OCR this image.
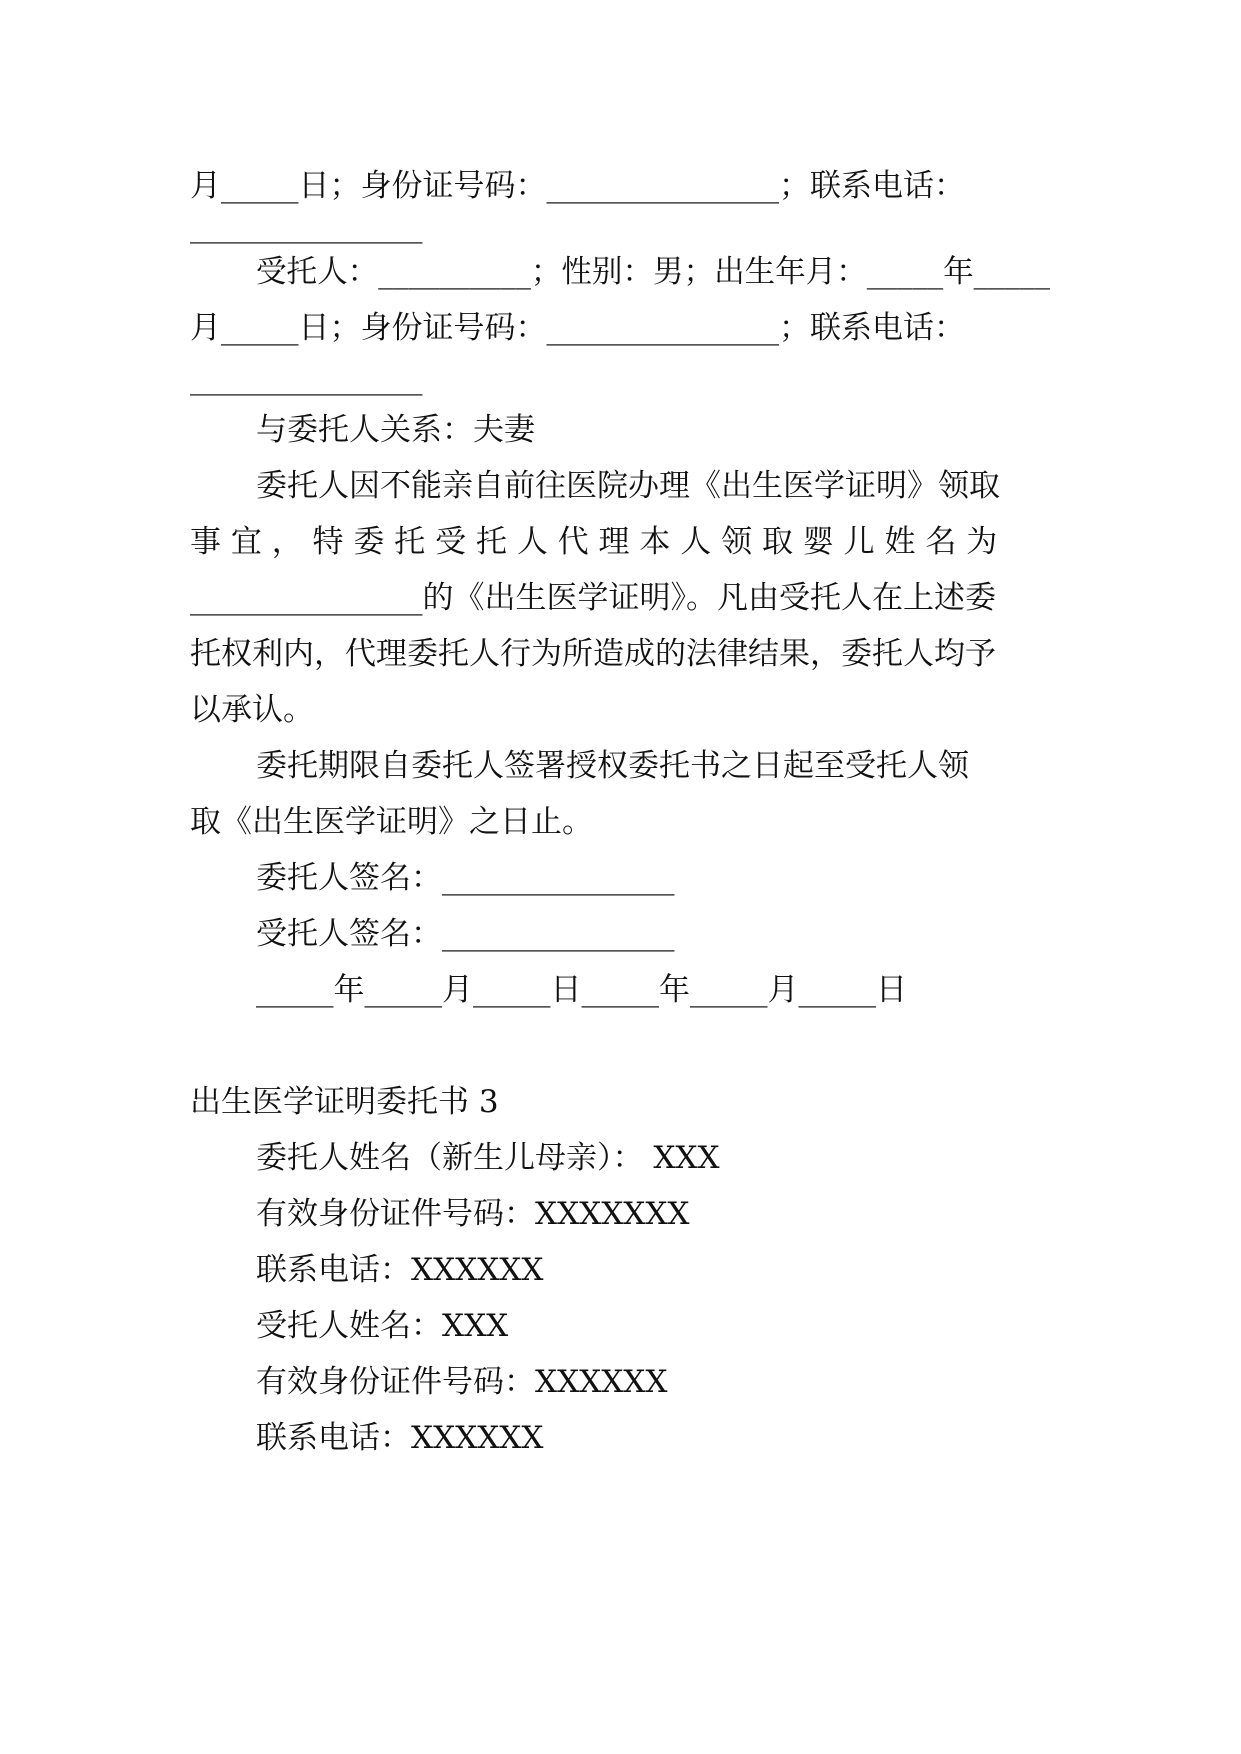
月_____日；身份证号码：_______________；联系电话：
_______________
受托人：__________；性别：男；出生年月：_____年_____
月_____日；身份证号码：_______________；联系电话：
_______________
与委托人关系：夫妻
委托人因不能亲自前往医院办理《出生医学证明》领取
事 宜 ， 特 委 托 受 托 人 代 理 本 人 领 取 婴 儿 姓 名 为
_______________的《出生医学证明》。凡由受托人在上述委
托权利内，代理委托人行为所造成的法律结果，委托人均予
以承认。
委托期限自委托人签署授权委托书之日起至受托人领
取《出生医学证明》之日止。
委托人签名：_______________
受托人签名：_______________
_____年_____月_____日_____年_____月_____日
出生医学证明委托书 3
委托人姓名（新生儿母亲）： XXX
有效身份证件号码：XXXXXXX
联系电话：XXXXXX
受托人姓名：XXX
有效身份证件号码：XXXXXX
联系电话：XXXXXX
